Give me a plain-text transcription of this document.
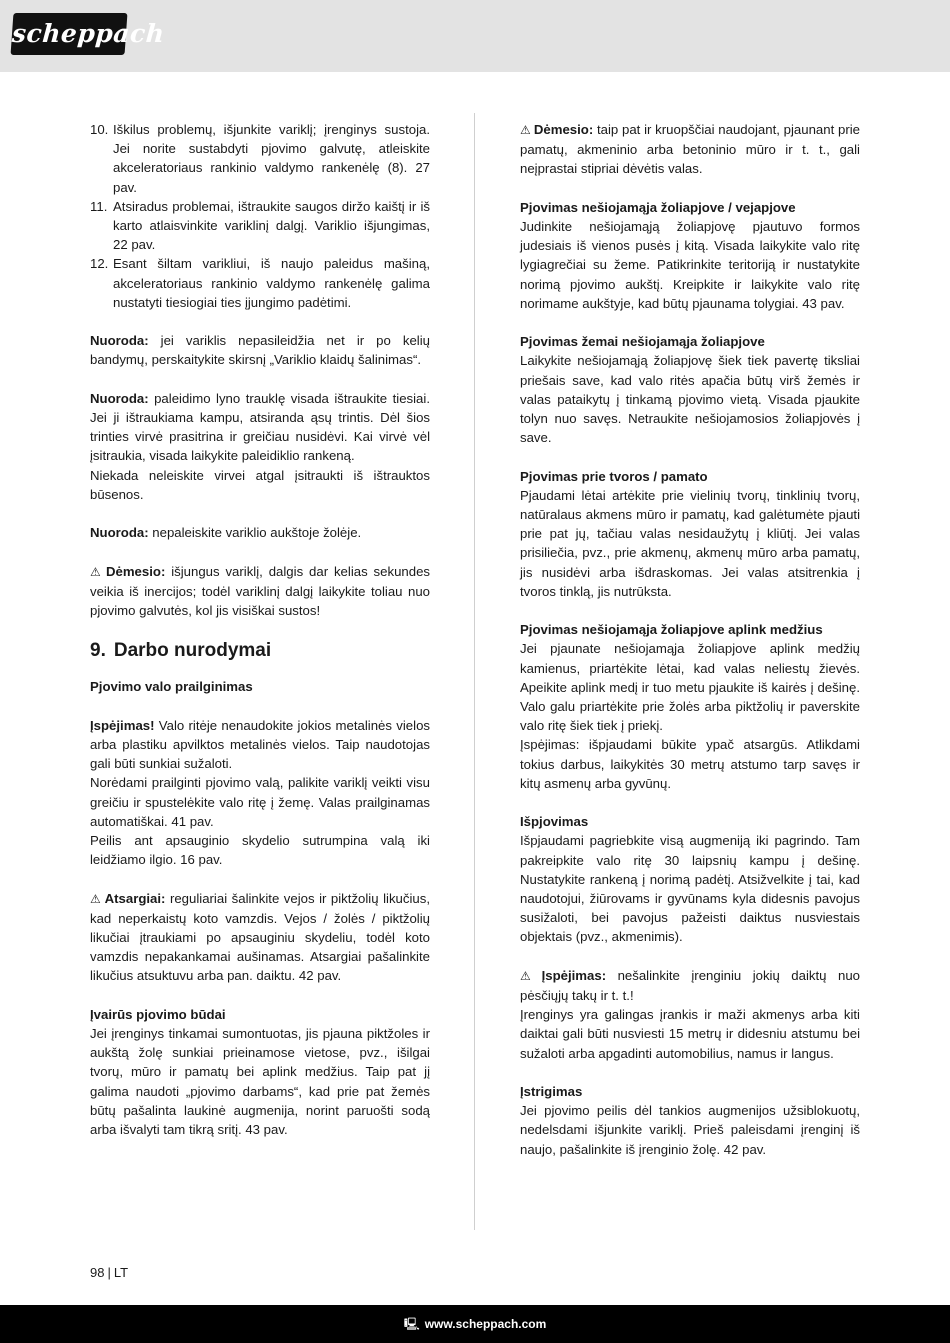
scheppach
10. Iškilus problemų, išjunkite variklį; įrenginys sustoja. Jei norite sustabdyti pjovimo galvutę, atleiskite akceleratoriaus rankinio valdymo rankenėlę (8). 27 pav.
11. Atsiradus problemai, ištraukite saugos diržo kaištį ir iš karto atlaisvinkite variklinį dalgį. Variklio išjungimas, 22 pav.
12. Esant šiltam varikliui, iš naujo paleidus mašiną, akceleratoriaus rankinio valdymo rankenėlę galima nustatyti tiesiogiai ties įjungimo padėtimi.

Nuoroda: jei variklis nepasileidžia net ir po kelių bandymų, perskaitykite skirsnį „Variklio klaidų šalinimas“.

Nuoroda: paleidimo lyno trauklę visada ištraukite tiesiai. Jei ji ištraukiama kampu, atsiranda ąsų trintis. Dėl šios trinties virvė prasitrina ir greičiau nusidėvi. Kai virvė vėl įsitraukia, visada laikykite paleidiklio rankeną.

Niekada neleiskite virvei atgal įsitraukti iš ištrauktos būsenos.

Nuoroda: nepaleiskite variklio aukštoje žolėje.

⚠ Dėmesio: išjungus variklį, dalgis dar kelias sekundes veikia iš inercijos; todėl variklinį dalgį laikykite toliau nuo pjovimo galvutės, kol jis visiškai sustos!

9. Darbo nurodymai
Pjovimo valo prailginimas

Įspėjimas! Valo ritėje nenaudokite jokios metalinės vielos arba plastiku apvilktos metalinės vielos. Taip naudotojas gali būti sunkiai sužaloti.

Norėdami prailginti pjovimo valą, palikite variklį veikti visu greičiu ir spustelėkite valo ritę į žemę. Valas prailginamas automatiškai. 41 pav.

Peilis ant apsauginio skydelio sutrumpina valą iki leidžiamo ilgio. 16 pav.

⚠ Atsargiai: reguliariai šalinkite vejos ir piktžolių likučius, kad neperkaistų koto vamzdis. Vejos / žolės / piktžolių likučiai įtraukiami po apsauginiu skydeliu, todėl koto vamzdis nepakankamai aušinamas. Atsargiai pašalinkite likučius atsuktuvu arba pan. daiktu. 42 pav.

Įvairūs pjovimo būdai

Jei įrenginys tinkamai sumontuotas, jis pjauna piktžoles ir aukštą žolę sunkiai prieinamose vietose, pvz., išilgai tvorų, mūro ir pamatų bei aplink medžius. Taip pat jį galima naudoti „pjovimo darbams“, kad prie pat žemės būtų pašalinta laukinė augmenija, norint paruošti sodą arba išvalyti tam tikrą sritį. 43 pav.

⚠ Dėmesio: taip pat ir kruopščiai naudojant, pjaunant prie pamatų, akmeninio arba betoninio mūro ir t. t., gali neįprastai stipriai dėvėtis valas.

Pjovimas nešiojamąja žoliapjove / vejapjove

Judinkite nešiojamąją žoliapjovę pjautuvo formos judesiais iš vienos pusės į kitą. Visada laikykite valo ritę lygiagrečiai su žeme. Patikrinkite teritoriją ir nustatykite norimą pjovimo aukštį. Kreipkite ir laikykite valo ritę norimame aukštyje, kad būtų pjaunama tolygiai. 43 pav.

Pjovimas žemai nešiojamąja žoliapjove

Laikykite nešiojamąją žoliapjovę šiek tiek pavertę tiksliai priešais save, kad valo ritės apačia būtų virš žemės ir valas pataikytų į tinkamą pjovimo vietą. Visada pjaukite tolyn nuo savęs. Netraukite nešiojamosios žoliapjovės į save.

Pjovimas prie tvoros / pamato

Pjaudami lėtai artėkite prie vielinių tvorų, tinklinių tvorų, natūralaus akmens mūro ir pamatų, kad galėtumėte pjauti prie pat jų, tačiau valas nesidaužytų į kliūtį. Jei valas prisiliečia, pvz., prie akmenų, akmenų mūro arba pamatų, jis nusidėvi arba išdraskomas. Jei valas atsitrenkia į tvoros tinklą, jis nutrūksta.

Pjovimas nešiojamąja žoliapjove aplink medžius

Jei pjaunate nešiojamąja žoliapjove aplink medžių kamienus, priartėkite lėtai, kad valas neliestų žievės. Apeikite aplink medį ir tuo metu pjaukite iš kairės į dešinę. Valo galu priartėkite prie žolės arba piktžolių ir paverskite valo ritę šiek tiek į priekį.

Įspėjimas: išpjaudami būkite ypač atsargūs. Atlikdami tokius darbus, laikykitės 30 metrų atstumo tarp savęs ir kitų asmenų arba gyvūnų.

Išpjovimas

Išpjaudami pagriebkite visą augmeniją iki pagrindo. Tam pakreipkite valo ritę 30 laipsnių kampu į dešinę. Nustatykite rankeną į norimą padėtį. Atsižvelkite į tai, kad naudotojui, žiūrovams ir gyvūnams kyla didesnis pavojus susižaloti, bei pavojus pažeisti daiktus nusviestais objektais (pvz., akmenimis).

⚠ Įspėjimas: nešalinkite įrenginiu jokių daiktų nuo pėsčiųjų takų ir t. t.!

Įrenginys yra galingas įrankis ir maži akmenys arba kiti daiktai gali būti nusviesti 15 metrų ir didesniu atstumu bei sužaloti arba apgadinti automobilius, namus ir langus.

Įstrigimas

Jei pjovimo peilis dėl tankios augmenijos užsiblokuotų, nedelsdami išjunkite variklį. Prieš paleisdami įrenginį iš naujo, pašalinkite iš įrenginio žolę. 42 pav.

98 | LT
🖳 www.scheppach.com
